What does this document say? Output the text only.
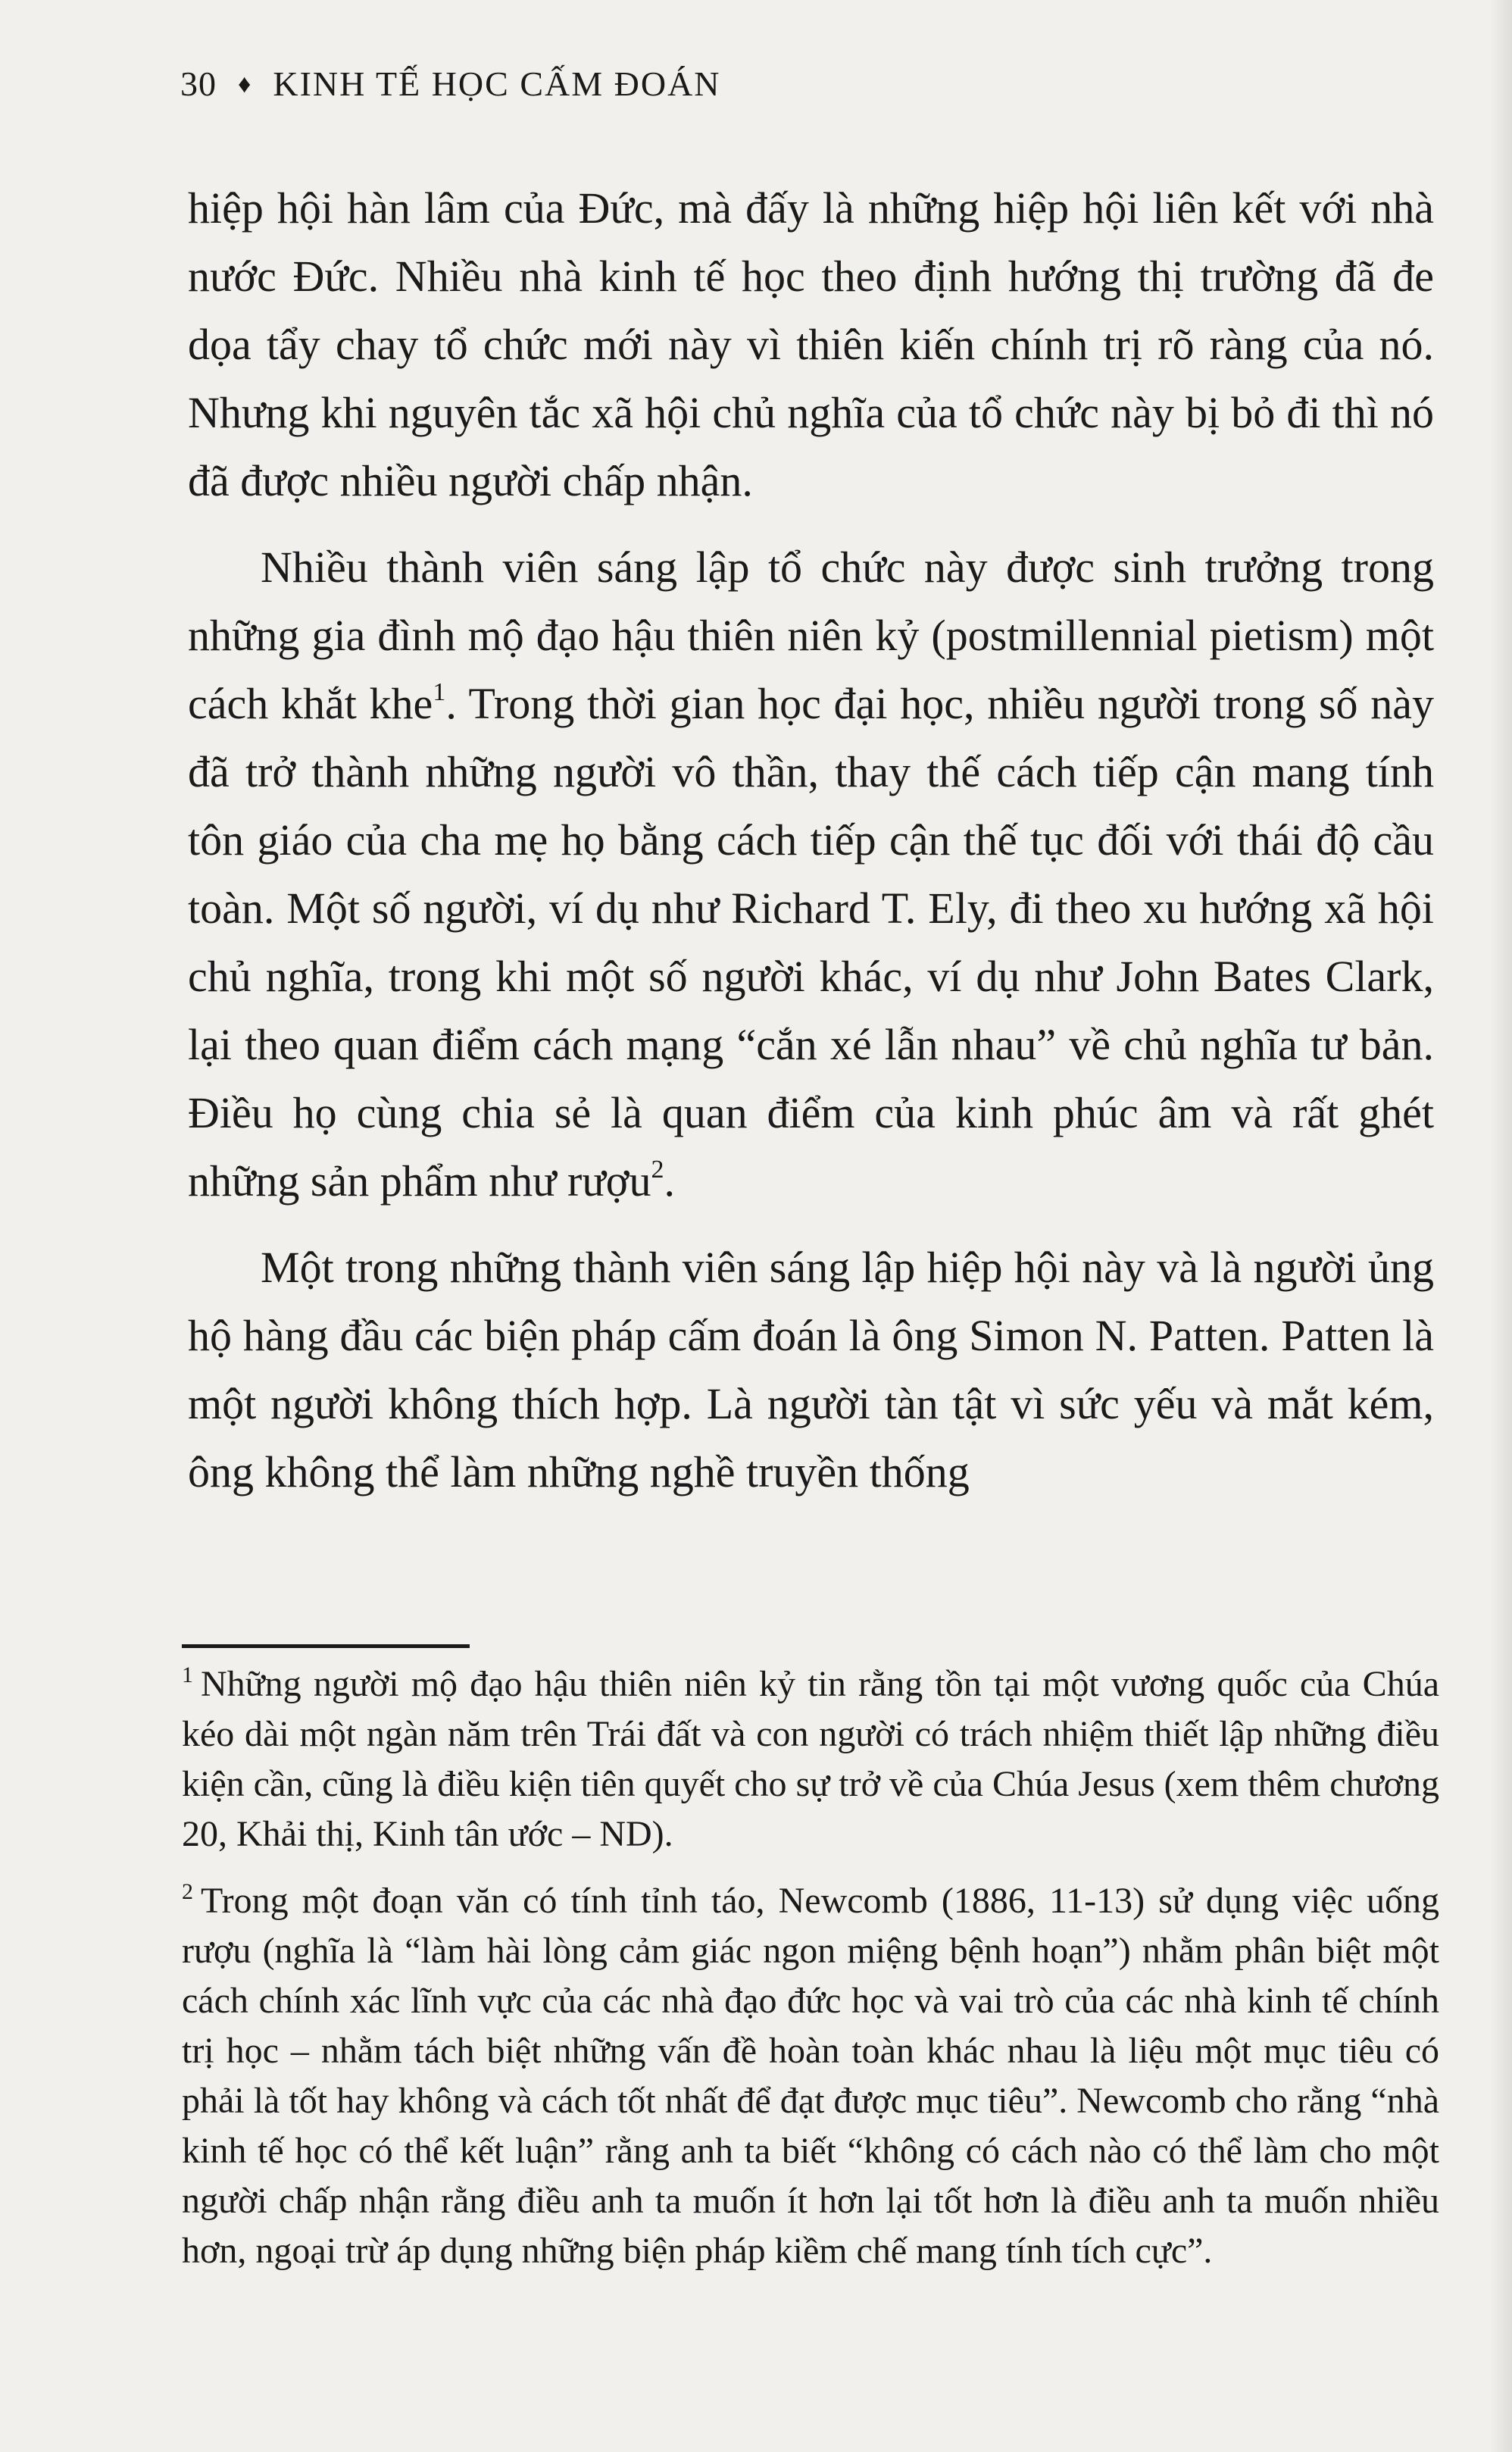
30 ♦ KINH TẾ HỌC CẤM ĐOÁN

hiệp hội hàn lâm của Đức, mà đấy là những hiệp hội liên kết với nhà nước Đức. Nhiều nhà kinh tế học theo định hướng thị trường đã đe dọa tẩy chay tổ chức mới này vì thiên kiến chính trị rõ ràng của nó. Nhưng khi nguyên tắc xã hội chủ nghĩa của tổ chức này bị bỏ đi thì nó đã được nhiều người chấp nhận.

Nhiều thành viên sáng lập tổ chức này được sinh trưởng trong những gia đình mộ đạo hậu thiên niên kỷ (postmillennial pietism) một cách khắt khe$^1$. Trong thời gian học đại học, nhiều người trong số này đã trở thành những người vô thần, thay thế cách tiếp cận mang tính tôn giáo của cha mẹ họ bằng cách tiếp cận thế tục đối với thái độ cầu toàn. Một số người, ví dụ như Richard T. Ely, đi theo xu hướng xã hội chủ nghĩa, trong khi một số người khác, ví dụ như John Bates Clark, lại theo quan điểm cách mạng “cắn xé lẫn nhau” về chủ nghĩa tư bản. Điều họ cùng chia sẻ là quan điểm của kinh phúc âm và rất ghét những sản phẩm như rượu$^2$.

Một trong những thành viên sáng lập hiệp hội này và là người ủng hộ hàng đầu các biện pháp cấm đoán là ông Simon N. Patten. Patten là một người không thích hợp. Là người tàn tật vì sức yếu và mắt kém, ông không thể làm những nghề truyền thống

$^1$ Những người mộ đạo hậu thiên niên kỷ tin rằng tồn tại một vương quốc của Chúa kéo dài một ngàn năm trên Trái đất và con người có trách nhiệm thiết lập những điều kiện cần, cũng là điều kiện tiên quyết cho sự trở về của Chúa Jesus (xem thêm chương 20, Khải thị, Kinh tân ước – ND).

$^2$ Trong một đoạn văn có tính tỉnh táo, Newcomb (1886, 11-13) sử dụng việc uống rượu (nghĩa là “làm hài lòng cảm giác ngon miệng bệnh hoạn”) nhằm phân biệt một cách chính xác lĩnh vực của các nhà đạo đức học và vai trò của các nhà kinh tế chính trị học – nhằm tách biệt những vấn đề hoàn toàn khác nhau là liệu một mục tiêu có phải là tốt hay không và cách tốt nhất để đạt được mục tiêu”. Newcomb cho rằng “nhà kinh tế học có thể kết luận” rằng anh ta biết “không có cách nào có thể làm cho một người chấp nhận rằng điều anh ta muốn ít hơn lại tốt hơn là điều anh ta muốn nhiều hơn, ngoại trừ áp dụng những biện pháp kiềm chế mang tính tích cực”.
